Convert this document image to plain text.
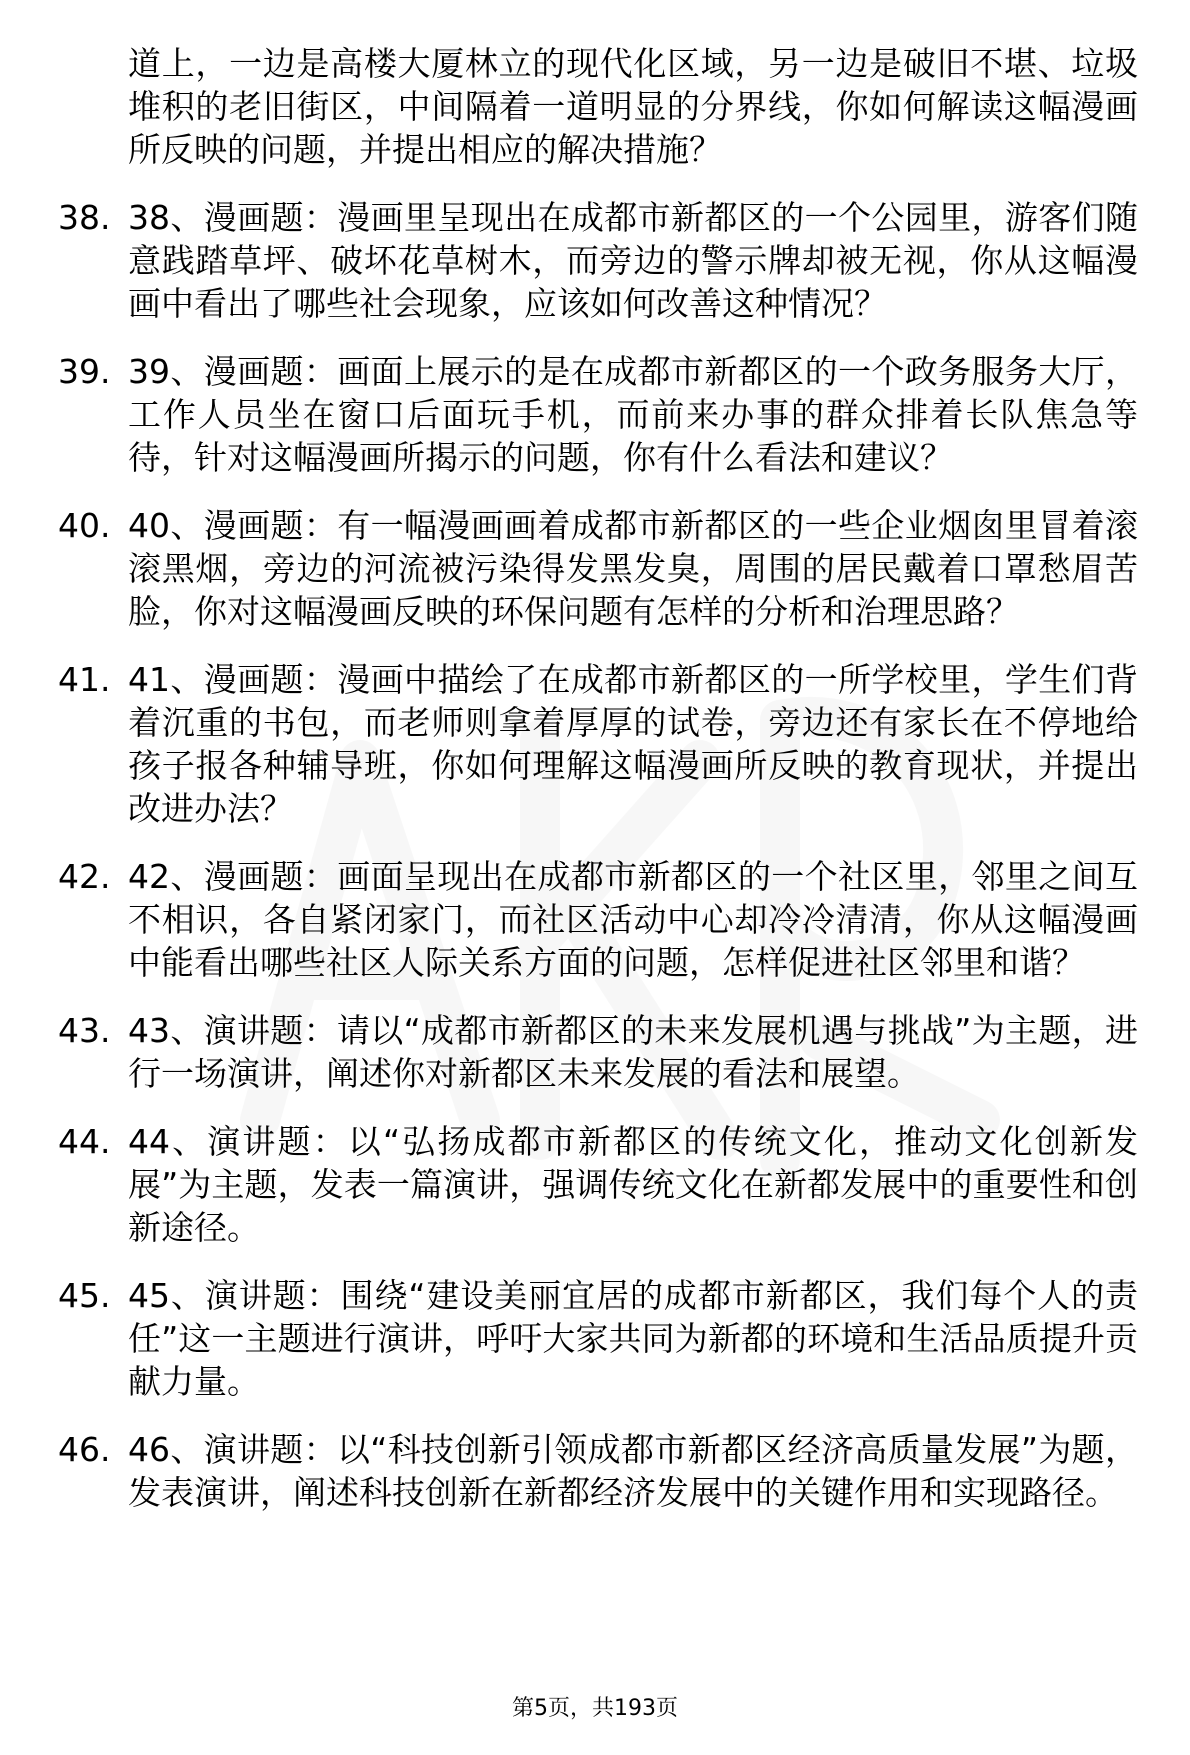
道上，一边是高楼大厦林立的现代化区域，另一边是破旧不堪、垃圾堆积的老旧街区，中间隔着一道明显的分界线，你如何解读这幅漫画所反映的问题，并提出相应的解决措施？

38. 38、漫画题：漫画里呈现出在成都市新都区的一个公园里，游客们随意践踏草坪、破坏花草树木，而旁边的警示牌却被无视，你从这幅漫画中看出了哪些社会现象，应该如何改善这种情况？
39. 39、漫画题：画面上展示的是在成都市新都区的一个政务服务大厅，工作人员坐在窗口后面玩手机，而前来办事的群众排着长队焦急等待，针对这幅漫画所揭示的问题，你有什么看法和建议？
40. 40、漫画题：有一幅漫画画着成都市新都区的一些企业烟囱里冒着滚滚黑烟，旁边的河流被污染得发黑发臭，周围的居民戴着口罩愁眉苦脸，你对这幅漫画反映的环保问题有怎样的分析和治理思路？
41. 41、漫画题：漫画中描绘了在成都市新都区的一所学校里，学生们背着沉重的书包，而老师则拿着厚厚的试卷，旁边还有家长在不停地给孩子报各种辅导班，你如何理解这幅漫画所反映的教育现状，并提出改进办法？
42. 42、漫画题：画面呈现出在成都市新都区的一个社区里，邻里之间互不相识，各自紧闭家门，而社区活动中心却冷冷清清，你从这幅漫画中能看出哪些社区人际关系方面的问题，怎样促进社区邻里和谐？
43. 43、演讲题：请以“成都市新都区的未来发展机遇与挑战”为主题，进行一场演讲，阐述你对新都区未来发展的看法和展望。
44. 44、演讲题：以“弘扬成都市新都区的传统文化，推动文化创新发展”为主题，发表一篇演讲，强调传统文化在新都发展中的重要性和创新途径。
45. 45、演讲题：围绕“建设美丽宜居的成都市新都区，我们每个人的责任”这一主题进行演讲，呼吁大家共同为新都的环境和生活品质提升贡献力量。
46. 46、演讲题：以“科技创新引领成都市新都区经济高质量发展”为题，发表演讲，阐述科技创新在新都经济发展中的关键作用和实现路径。
第5页，共193页
